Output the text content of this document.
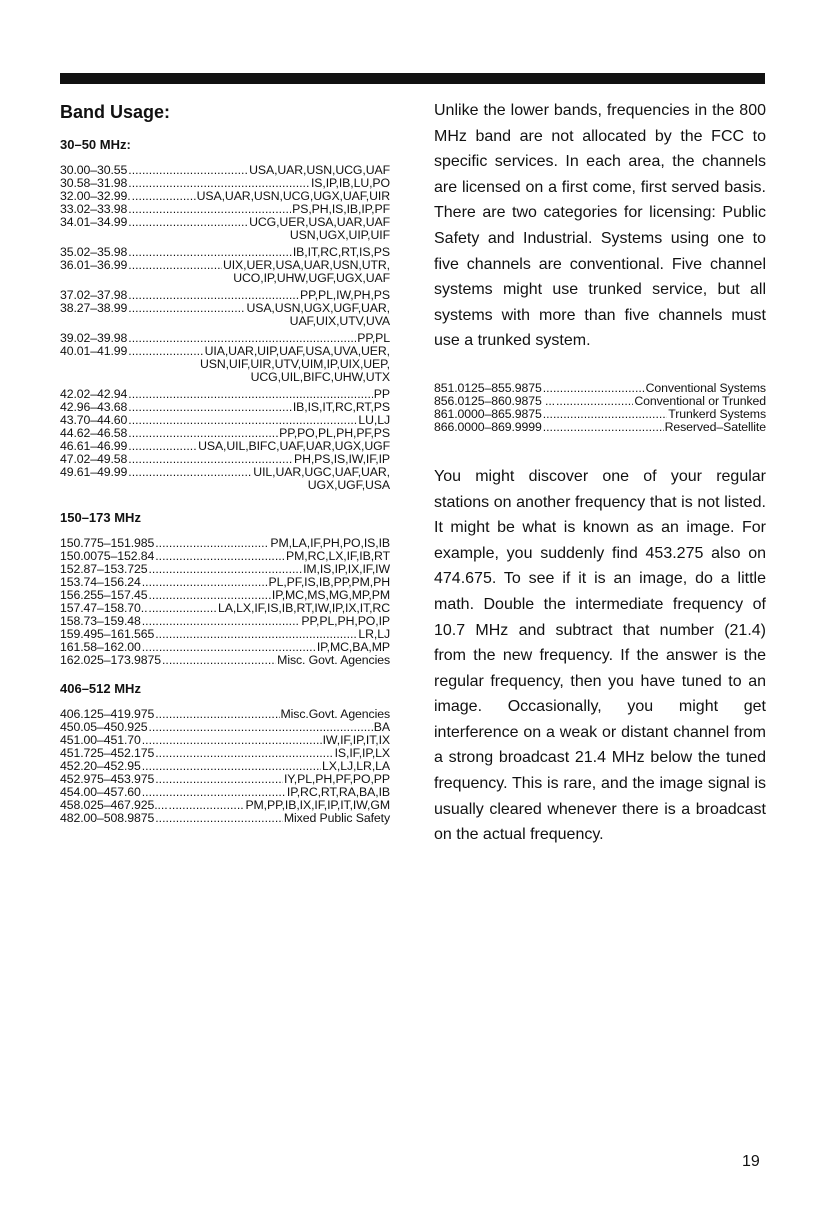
Band Usage:
30–50 MHz:
30.00–30.55 .....	USA,UAR,USN,UCG,UAF
30.58–31.98 .....	IS,IP,IB,LU,PO
32.00–32.99. .....	USA,UAR,USN,UCG,UGX,UAF,UIR
33.02–33.98 .....	PS,PH,IS,IB,IP,PF
34.01–34.99 .....	UCG,UER,USA,UAR,UAF
USN,UGX,UIP,UIF
35.02–35.98 .....	IB,IT,RC,RT,IS,PS
36.01–36.99 .....	UIX,UER,USA,UAR,USN,UTR,
UCO,IP,UHW,UGF,UGX,UAF
37.02–37.98 .....	PP,PL,IW,PH,PS
38.27–38.99 .....	USA,USN,UGX,UGF,UAR,
UAF,UIX,UTV,UVA
39.02–39.98 .....	PP,PL
40.01–41.99 .....	UIA,UAR,UIP,UAF,USA,UVA,UER,
USN,UIF,UIR,UTV,UIM,IP,UIX,UEP,
UCG,UIL,BIFC,UHW,UTX
42.02–42.94 .....	PP
42.96–43.68 .....	IB,IS,IT,RC,RT,PS
43.70–44.60 .....	LU,LJ
44.62–46.58 .....	PP,PO,PL,PH,PF,PS
46.61–46.99 .....	USA,UIL,BIFC,UAF,UAR,UGX,UGF
47.02–49.58 .....	PH,PS,IS,IW,IF,IP
49.61–49.99 .....	UIL,UAR,UGC,UAF,UAR,
UGX,UGF,USA
150–173 MHz
150.775–151.985 .....	PM,LA,IF,PH,PO,IS,IB
150.0075–152.84 .....	PM,RC,LX,IF,IB,RT
152.87–153.725 .....	IM,IS,IP,IX,IF,IW
153.74–156.24 .....	PL,PF,IS,IB,PP,PM,PH
156.255–157.45 .....	IP,MC,MS,MG,MP,PM
157.47–158.70.. .....	LA,LX,IF,IS,IB,RT,IW,IP,IX,IT,RC
158.73–159.48 .....	PP,PL,PH,PO,IP
159.495–161.565 .....	LR,LJ
161.58–162.00 .....	IP,MC,BA,MP
162.025–173.9875 .....	Misc. Govt. Agencies
406–512 MHz
406.125–419.975 .....	Misc.Govt. Agencies
450.05–450.925 .....	BA
451.00–451.70 .....	IW,IF,IP,IT,IX
451.725–452.175 .....	IS,IF,IP,LX
452.20–452.95 .....	LX,LJ,LR,LA
452.975–453.975 .....	IY,PL,PH,PF,PO,PP
454.00–457.60 .....	IP,RC,RT,RA,BA,IB
458.025–467.925.... .....	PM,PP,IB,IX,IF,IP,IT,IW,GM
482.00–508.9875 .....	Mixed Public Safety

Unlike the lower bands, frequencies in the 800 MHz band are not allocated by the FCC to specific services. In each area, the channels are licensed on a first come, first served basis. There are two categories for licensing: Public Safety and Industrial. Systems using one to five channels are conventional. Five channel systems might use trunked service, but all systems with more than five channels must use a trunked system.

851.0125–855.9875 .....	Conventional Systems
856.0125–860.9875 ... .....	Conventional or Trunked
861.0000–865.9875 .....	Trunkerd Systems
866.0000–869.9999 .....	Reserved–Satellite

You might discover one of your regular stations on another frequency that is not listed. It might be what is known as an image. For example, you suddenly find 453.275 also on 474.675. To see if it is an image, do a little math. Double the intermediate frequency of 10.7 MHz and subtract that number (21.4) from the new frequency. If the answer is the regular frequency, then you have tuned to an image. Occasionally, you might get interference on a weak or distant channel from a strong broadcast 21.4 MHz below the tuned frequency. This is rare, and the image signal is usually cleared whenever there is a broadcast on the actual frequency.

19
